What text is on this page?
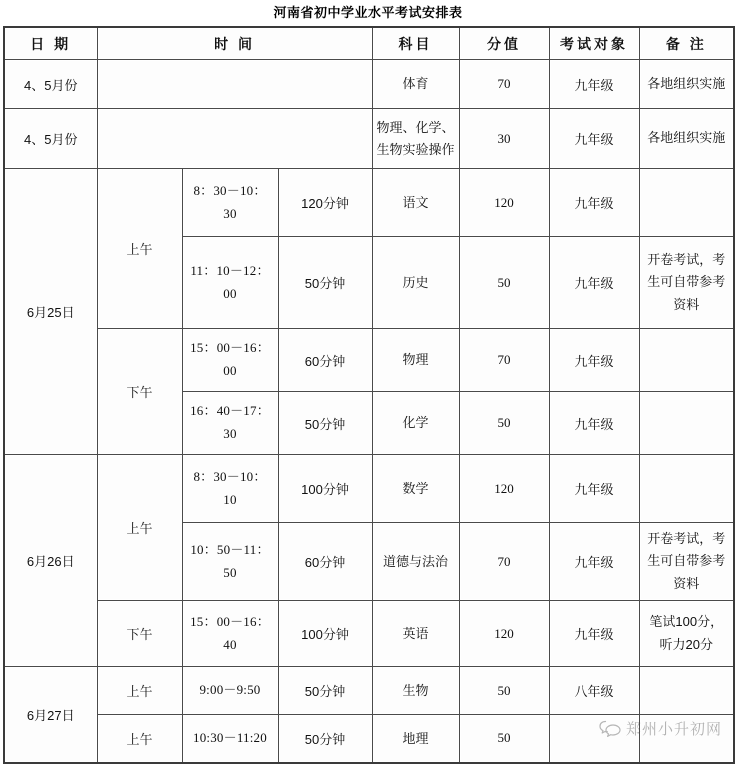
河南省初中学业水平考试安排表
日 期	时 间			科目	分值	考试对象	备 注
4、5月份				体育	70	九年级	各地组织实施
4、5月份				物理、化学、
生物实验操作	30	九年级	各地组织实施
6月25日	上午	8：30－10：
30	120分钟	语文	120	九年级	
		11：10－12：
00	50分钟	历史	50	九年级	开卷考试，考
生可自带参考
资料
	下午	15：00－16：
00	60分钟	物理	70	九年级	
		16：40－17：
30	50分钟	化学	50	九年级	
6月26日	上午	8：30－10：
10	100分钟	数学	120	九年级	
		10：50－11：
50	60分钟	道德与法治	70	九年级	开卷考试，考
生可自带参考
资料
	下午	15：00－16：
40	100分钟	英语	120	九年级	笔试100分，
听力20分
6月27日	上午	9:00－9:50	50分钟	生物	50	八年级	
	上午	10:30－11:20	50分钟	地理	50			郑州小升初网
